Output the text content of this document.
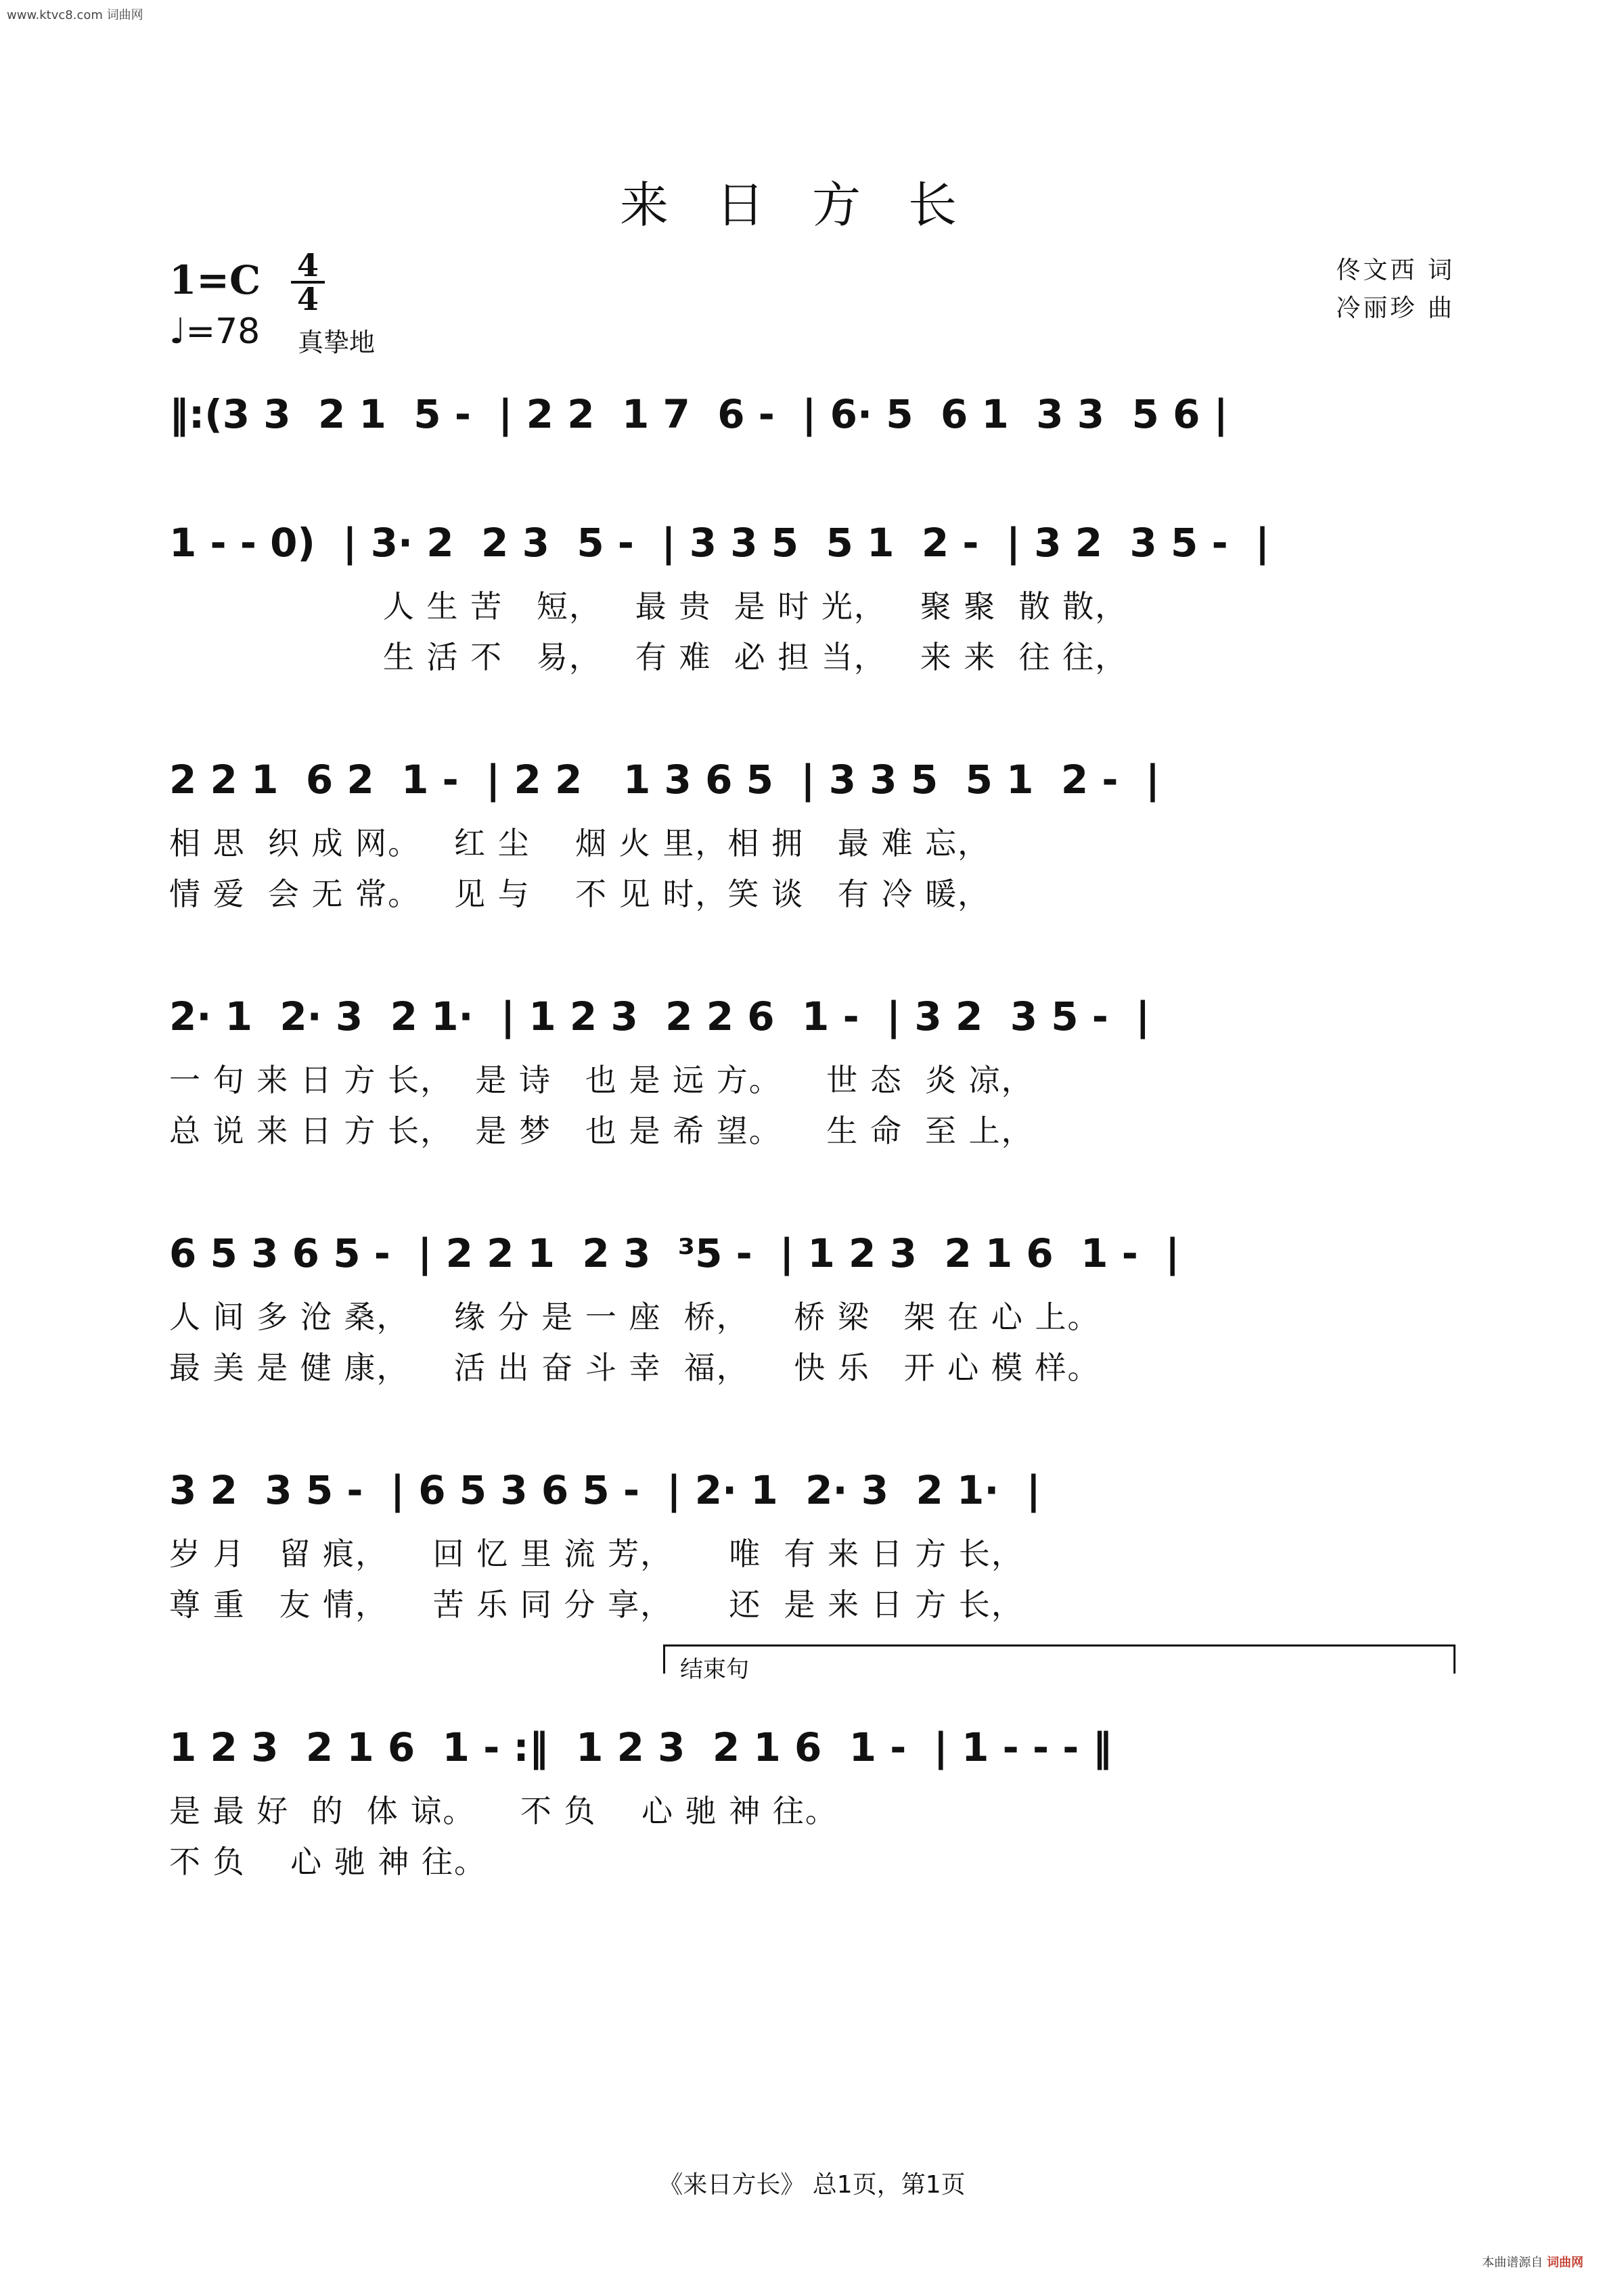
www.ktvc8.com 词曲网
来日方长
1=C 4
4
♩=78 真挚地
佟文西 词
冷丽珍 曲
‖:(3 3  2 1  5 -  | 2 2  1 7  6 -  | 6· 5  6 1  3 3  5 6 |
1 - - 0)  | 3· 2  2 3  5 -  | 3 3 5  5 1  2 -  | 3 2  3 5 -  |
人 生 苦   短，   最 贵  是 时 光，   聚 聚  散 散，
生 活 不   易，   有 难  必 担 当，   来 来  往 往，
2 2 1  6 2  1 -  | 2 2   1 3 6 5  | 3 3 5  5 1  2 -  |
相 思  织 成 网。   红 尘    烟 火 里，相 拥   最 难 忘，
情 爱  会 无 常。   见 与    不 见 时，笑 谈   有 冷 暖，
2· 1  2· 3  2 1·  | 1 2 3  2 2 6  1 -  | 3 2  3 5 -  |
一 句 来 日 方 长，  是 诗   也 是 远 方。    世 态  炎 凉，
总 说 来 日 方 长，  是 梦   也 是 希 望。    生 命  至 上，
6 5 3 6 5 -  | 2 2 1  2 3  ³5 -  | 1 2 3  2 1 6  1 -  |
人 间 多 沧 桑，    缘 分 是 一 座  桥，    桥 梁   架 在 心 上。
最 美 是 健 康，    活 出 奋 斗 幸  福，    快 乐   开 心 模 样。
3 2  3 5 -  | 6 5 3 6 5 -  | 2· 1  2· 3  2 1·  |
岁 月   留 痕，    回 忆 里 流 芳，     唯  有 来 日 方 长，
尊 重   友 情，    苦 乐 同 分 享，     还  是 来 日 方 长，
结束句
1 2 3  2 1 6  1 - :‖  1 2 3  2 1 6  1 -  | 1 - - - ‖
是 最 好  的  体 谅。    不 负    心 驰 神 往。
不 负    心 驰 神 往。
《来日方长》 总1页，第1页
本曲谱源自 词曲网
